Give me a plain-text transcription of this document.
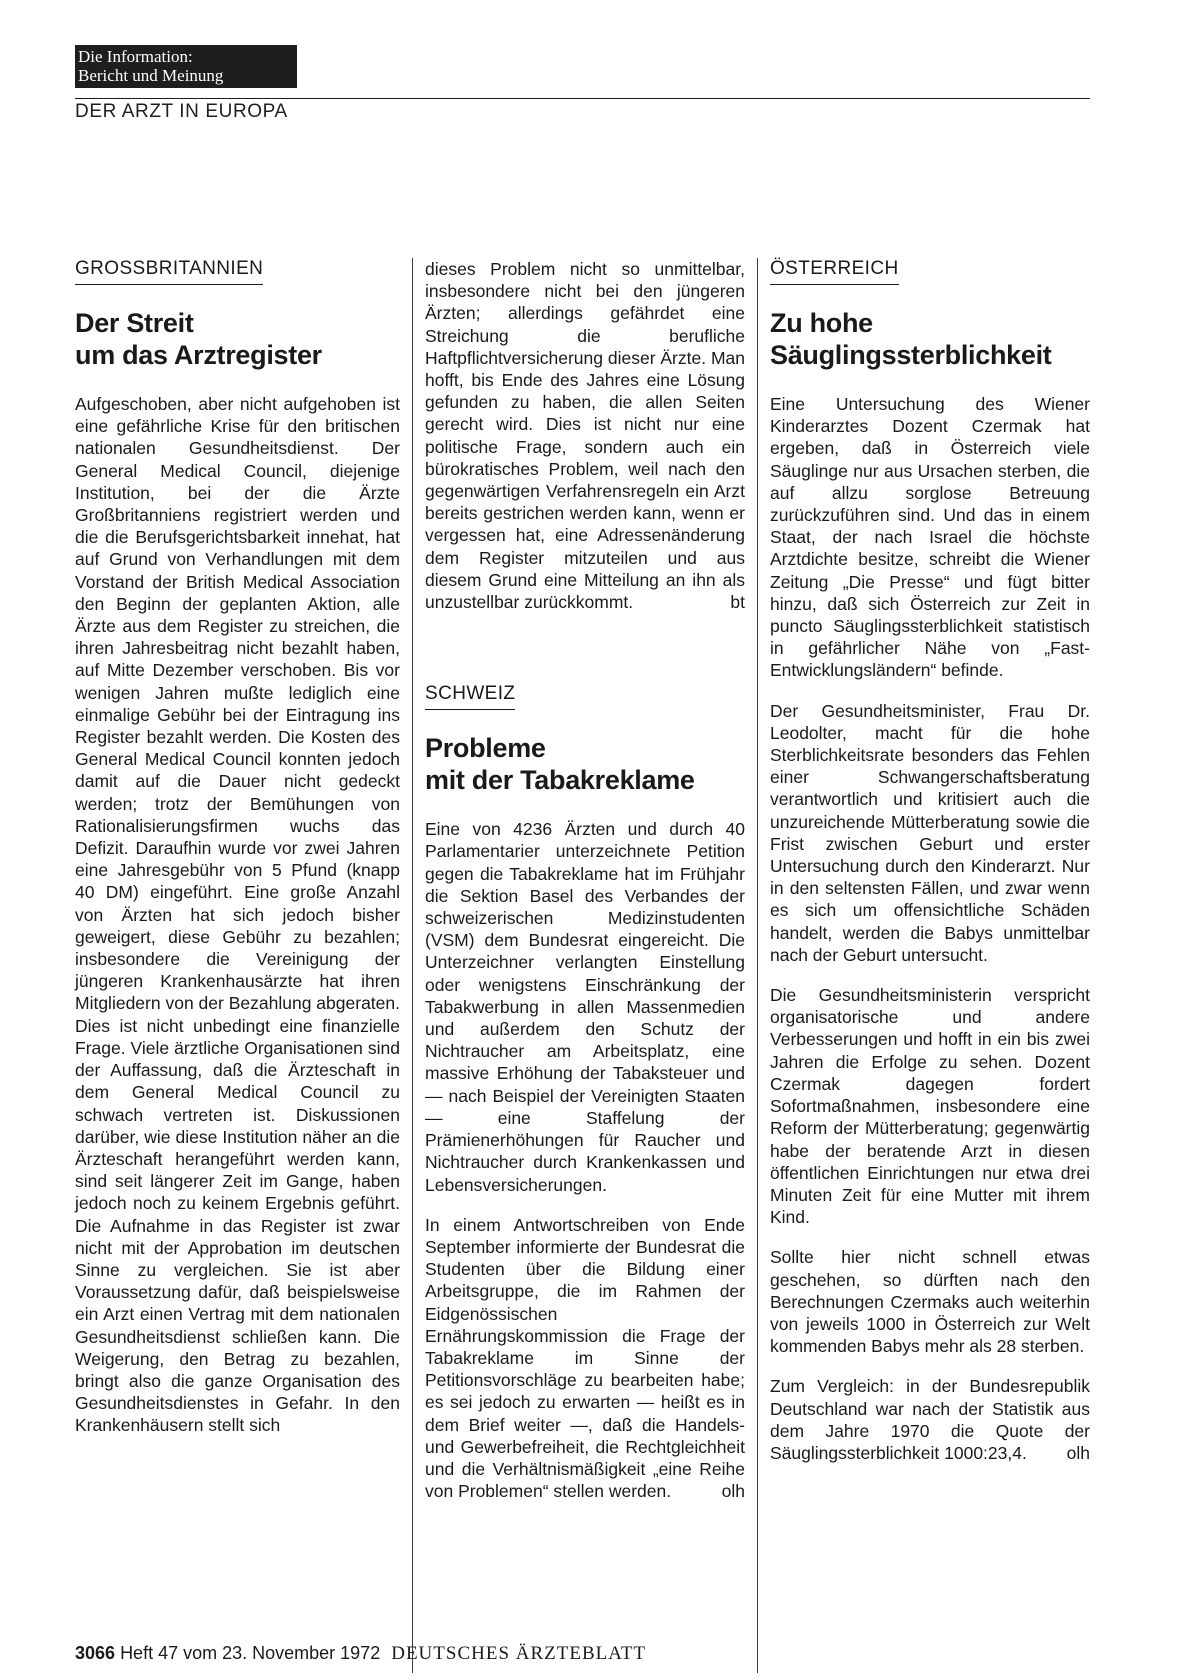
Die Information:
Bericht und Meinung
DER ARZT IN EUROPA
GROSSBRITANNIEN
Der Streit
um das Arztregister

Aufgeschoben, aber nicht aufgehoben ist eine gefährliche Krise für den britischen nationalen Gesundheitsdienst. Der General Medical Council, diejenige Institution, bei der die Ärzte Großbritanniens registriert werden und die die Berufsgerichtsbarkeit innehat, hat auf Grund von Verhandlungen mit dem Vorstand der British Medical Association den Beginn der geplanten Aktion, alle Ärzte aus dem Register zu streichen, die ihren Jahresbeitrag nicht bezahlt haben, auf Mitte Dezember verschoben. Bis vor wenigen Jahren mußte lediglich eine einmalige Gebühr bei der Eintragung ins Register bezahlt werden. Die Kosten des General Medical Council konnten jedoch damit auf die Dauer nicht gedeckt werden; trotz der Bemühungen von Rationalisierungsfirmen wuchs das Defizit. Daraufhin wurde vor zwei Jahren eine Jahresgebühr von 5 Pfund (knapp 40 DM) eingeführt. Eine große Anzahl von Ärzten hat sich jedoch bisher geweigert, diese Gebühr zu bezahlen; insbesondere die Vereinigung der jüngeren Krankenhausärzte hat ihren Mitgliedern von der Bezahlung abgeraten. Dies ist nicht unbedingt eine finanzielle Frage. Viele ärztliche Organisationen sind der Auffassung, daß die Ärzteschaft in dem General Medical Council zu schwach vertreten ist. Diskussionen darüber, wie diese Institution näher an die Ärzteschaft herangeführt werden kann, sind seit längerer Zeit im Gange, haben jedoch noch zu keinem Ergebnis geführt. Die Aufnahme in das Register ist zwar nicht mit der Approbation im deutschen Sinne zu vergleichen. Sie ist aber Voraussetzung dafür, daß beispielsweise ein Arzt einen Vertrag mit dem nationalen Gesundheitsdienst schließen kann. Die Weigerung, den Betrag zu bezahlen, bringt also die ganze Organisation des Gesundheitsdienstes in Gefahr. In den Krankenhäusern stellt sich

dieses Problem nicht so unmittelbar, insbesondere nicht bei den jüngeren Ärzten; allerdings gefährdet eine Streichung die berufliche Haftpflichtversicherung dieser Ärzte. Man hofft, bis Ende des Jahres eine Lösung gefunden zu haben, die allen Seiten gerecht wird. Dies ist nicht nur eine politische Frage, sondern auch ein bürokratisches Problem, weil nach den gegenwärtigen Verfahrensregeln ein Arzt bereits gestrichen werden kann, wenn er vergessen hat, eine Adressenänderung dem Register mitzuteilen und aus diesem Grund eine Mitteilung an ihn als unzustellbar zurückkommt.	bt

SCHWEIZ
Probleme
mit der Tabakreklame

Eine von 4236 Ärzten und durch 40 Parlamentarier unterzeichnete Petition gegen die Tabakreklame hat im Frühjahr die Sektion Basel des Verbandes der schweizerischen Medizinstudenten (VSM) dem Bundesrat eingereicht. Die Unterzeichner verlangten Einstellung oder wenigstens Einschränkung der Tabakwerbung in allen Massenmedien und außerdem den Schutz der Nichtraucher am Arbeitsplatz, eine massive Erhöhung der Tabaksteuer und — nach Beispiel der Vereinigten Staaten — eine Staffelung der Prämienerhöhungen für Raucher und Nichtraucher durch Krankenkassen und Lebensversicherungen.

In einem Antwortschreiben von Ende September informierte der Bundesrat die Studenten über die Bildung einer Arbeitsgruppe, die im Rahmen der Eidgenössischen Ernährungskommission die Frage der Tabakreklame im Sinne der Petitionsvorschläge zu bearbeiten habe; es sei jedoch zu erwarten — heißt es in dem Brief weiter —, daß die Handels- und Gewerbefreiheit, die Rechtgleichheit und die Verhältnismäßigkeit „eine Reihe von Problemen“ stellen werden.	olh

ÖSTERREICH
Zu hohe
Säuglingssterblichkeit

Eine Untersuchung des Wiener Kinderarztes Dozent Czermak hat ergeben, daß in Österreich viele Säuglinge nur aus Ursachen sterben, die auf allzu sorglose Betreuung zurückzuführen sind. Und das in einem Staat, der nach Israel die höchste Arztdichte besitze, schreibt die Wiener Zeitung „Die Presse“ und fügt bitter hinzu, daß sich Österreich zur Zeit in puncto Säuglingssterblichkeit statistisch in gefährlicher Nähe von „Fast-Entwicklungsländern“ befinde.

Der Gesundheitsminister, Frau Dr. Leodolter, macht für die hohe Sterblichkeitsrate besonders das Fehlen einer Schwangerschaftsberatung verantwortlich und kritisiert auch die unzureichende Mütterberatung sowie die Frist zwischen Geburt und erster Untersuchung durch den Kinderarzt. Nur in den seltensten Fällen, und zwar wenn es sich um offensichtliche Schäden handelt, werden die Babys unmittelbar nach der Geburt untersucht.

Die Gesundheitsministerin verspricht organisatorische und andere Verbesserungen und hofft in ein bis zwei Jahren die Erfolge zu sehen. Dozent Czermak dagegen fordert Sofortmaßnahmen, insbesondere eine Reform der Mütterberatung; gegenwärtig habe der beratende Arzt in diesen öffentlichen Einrichtungen nur etwa drei Minuten Zeit für eine Mutter mit ihrem Kind.

Sollte hier nicht schnell etwas geschehen, so dürften nach den Berechnungen Czermaks auch weiterhin von jeweils 1000 in Österreich zur Welt kommenden Babys mehr als 28 sterben.

Zum Vergleich: in der Bundesrepublik Deutschland war nach der Statistik aus dem Jahre 1970 die Quote der Säuglingssterblichkeit 1000:23,4. olh

3066 Heft 47 vom 23. November 1972 DEUTSCHES ÄRZTEBLATT
